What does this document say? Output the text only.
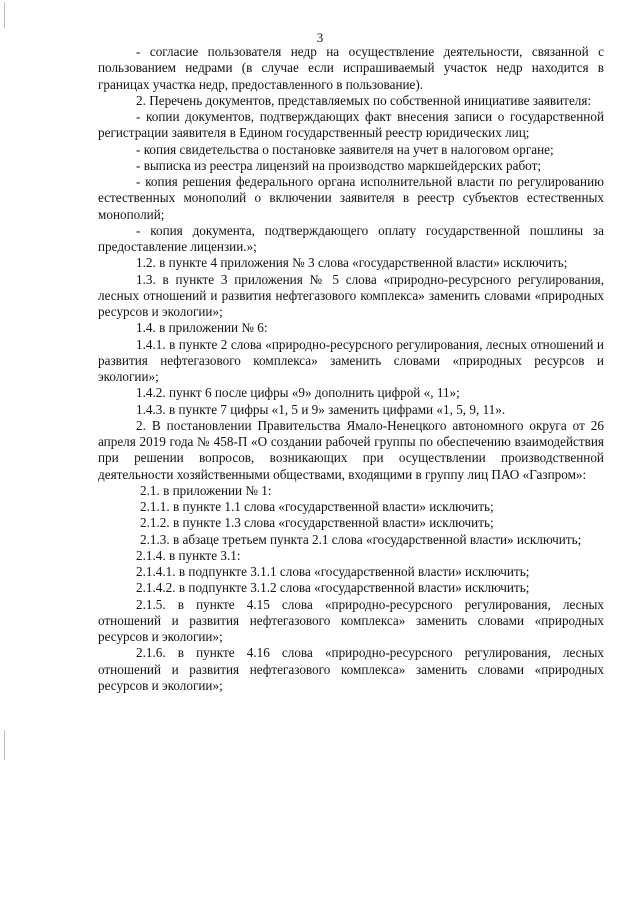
3

- согласие пользователя недр на осуществление деятельности, связанной с пользованием недрами (в случае если испрашиваемый участок недр находится в границах участка недр, предоставленного в пользование).

2. Перечень документов, представляемых по собственной инициативе заявителя:

- копии документов, подтверждающих факт внесения записи о государственной регистрации заявителя в Едином государственный реестр юридических лиц;

- копия свидетельства о постановке заявителя на учет в налоговом органе;

- выписка из реестра лицензий на производство маркшейдерских работ;

- копия решения федерального органа исполнительной власти по регулированию естественных монополий о включении заявителя в реестр субъектов естественных монополий;

- копия документа, подтверждающего оплату государственной пошлины за предоставление лицензии.»;

1.2. в пункте 4 приложения № 3 слова «государственной власти» исключить;

1.3. в пункте 3 приложения № 5 слова «природно-ресурсного регулирования, лесных отношений и развития нефтегазового комплекса» заменить словами «природных ресурсов и экологии»;

1.4. в приложении № 6:

1.4.1. в пункте 2 слова «природно-ресурсного регулирования, лесных отношений и развития нефтегазового комплекса» заменить словами «природных ресурсов и экологии»;

1.4.2. пункт 6 после цифры «9» дополнить цифрой «, 11»;

1.4.3. в пункте 7 цифры «1, 5 и 9» заменить цифрами «1, 5, 9, 11».

2. В постановлении Правительства Ямало-Ненецкого автономного округа от 26 апреля 2019 года № 458-П «О создании рабочей группы по обеспечению взаимодействия при решении вопросов, возникающих при осуществлении производственной деятельности хозяйственными обществами, входящими в группу лиц ПАО «Газпром»:

2.1. в приложении № 1:

2.1.1. в пункте 1.1 слова «государственной власти» исключить;

2.1.2. в пункте 1.3 слова «государственной власти» исключить;

2.1.3. в абзаце третьем пункта 2.1 слова «государственной власти» исключить;

2.1.4. в пункте 3.1:

2.1.4.1. в подпункте 3.1.1 слова «государственной власти» исключить;

2.1.4.2. в подпункте 3.1.2 слова «государственной власти» исключить;

2.1.5. в пункте 4.15 слова «природно-ресурсного регулирования, лесных отношений и развития нефтегазового комплекса» заменить словами «природных ресурсов и экологии»;

2.1.6. в пункте 4.16 слова «природно-ресурсного регулирования, лесных отношений и развития нефтегазового комплекса» заменить словами «природных ресурсов и экологии»;
